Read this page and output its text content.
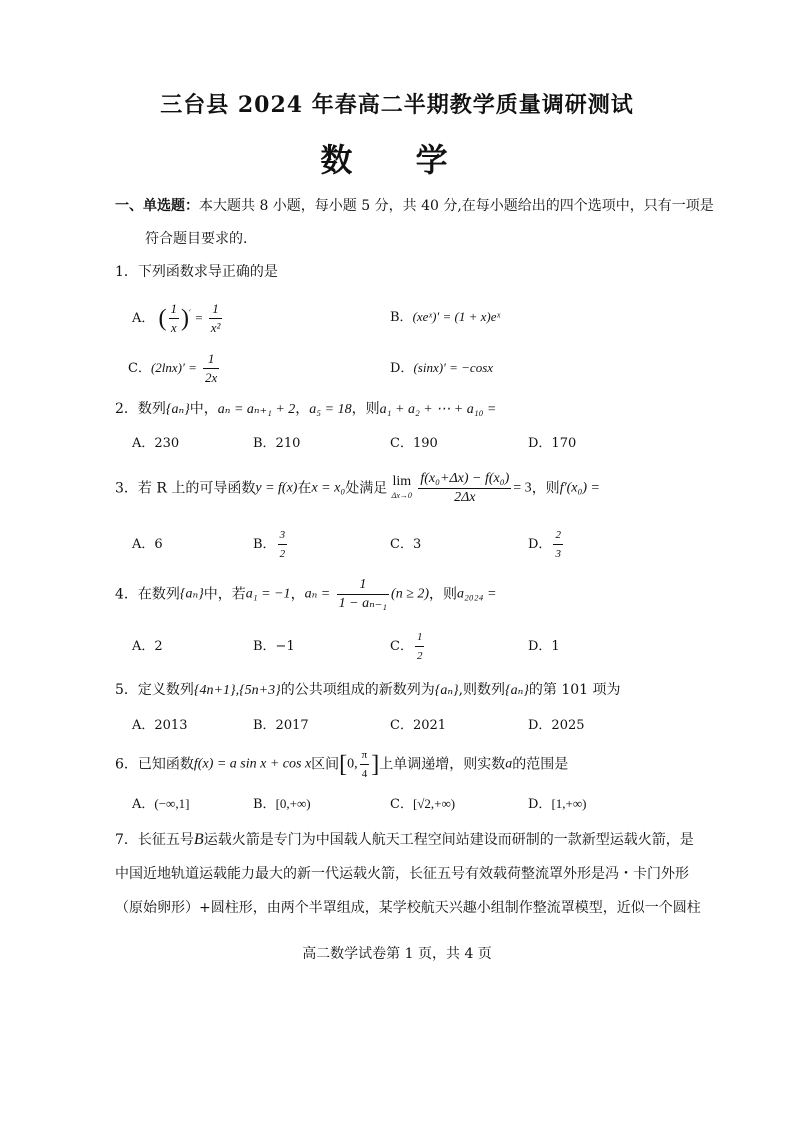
三台县 2024 年春高二半期教学质量调研测试
数 学
一、单选题：本大题共 8 小题，每小题 5 分，共 40 分,在每小题给出的四个选项中，只有一项是
符合题目要求的.
1．下列函数求导正确的是
A． ( $\frac{1}{x} )' = \frac{1}{\text{x²}}$	B．(xeˣ)′ = (1 + x)eˣ
C．$(2\ln x)' = \frac{1}{2x}$	D．(sinx)′ = −cosx
2．数列{aₙ}中，aₙ = aₙ₊₁ + 2，a₅ = 18，则a₁ + a₂ + ⋯ + a₁₀ =
A．230	B．210	C．190	D．170
3．若 R 上的可导函数y = f(x)在x = x₀处满足 lim
Δx→0
$\frac{\text{f(x₀+Δx) − f(x₀)}}{2\Delta x} = 3$，则f′(x₀) =
A．6	B． $\frac{3}{2}$	C．3	D． $\frac{2}{3}$
4．在数列{aₙ}中，若a₁ = −1，$a_n = \frac{1}{\text{1 − aₙ₋₁}} (n \ge 2)$，则a₂₀₂₄ =
A．2	B．−1	C． $\frac{1}{2}$	D．1
5．定义数列{4n+1},{5n+3}的公共项组成的新数列为{aₙ},则数列{aₙ}的第 101 项为
A．2013	B．2017	C．2021	D．2025
6．已知函数f(x) = a sin x + cos x区间[0, $\frac{\pi}{4}$ ]上单调递增，则实数a的范围是
A．(−∞,1]	B．[0,+∞)	C．[√2,+∞)	D．[1,+∞)
7．长征五号B运载火箭是专门为中国载人航天工程空间站建设而研制的一款新型运载火箭，是
中国近地轨道运载能力最大的新一代运载火箭，长征五号有效载荷整流罩外形是冯・卡门外形
（原始卵形）+圆柱形，由两个半罩组成，某学校航天兴趣小组制作整流罩模型，近似一个圆柱
高二数学试卷第 1 页，共 4 页
